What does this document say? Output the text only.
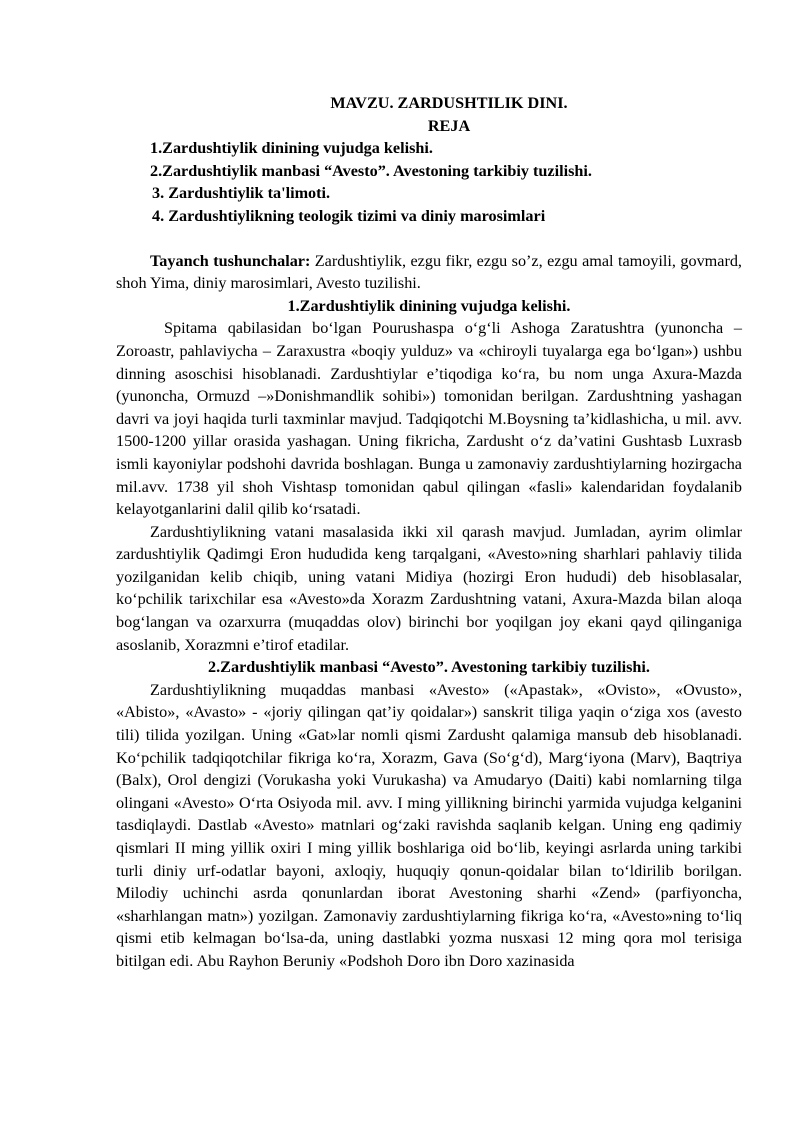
MAVZU. ZARDUSHTILIK DINI.

REJA

1.Zardushtiylik dinining vujudga kelishi.
2.Zardushtiylik manbasi “Avesto”. Avestoning tarkibiy tuzilishi.
3. Zardushtiylik ta'limoti.
4. Zardushtiylikning teologik tizimi va diniy marosimlari

Tayanch tushunchalar: Zardushtiylik, ezgu fikr, ezgu so’z, ezgu amal tamoyili, govmard, shoh Yima, diniy marosimlari, Avesto tuzilishi.

1.Zardushtiylik dinining vujudga kelishi.

Spitama qabilasidan bo‘lgan Pourushaspa o‘g‘li Ashoga Zaratushtra (yunoncha – Zoroastr, pahlaviycha – Zaraxustra «boqiy yulduz» va «chiroyli tuyalarga ega bo‘lgan») ushbu dinning asoschisi hisoblanadi. Zardushtiylar e’tiqodiga ko‘ra, bu nom unga Axura-Mazda (yunoncha, Ormuzd –»Donishmandlik sohibi») tomonidan berilgan. Zardushtning yashagan davri va joyi haqida turli taxminlar mavjud. Tadqiqotchi M.Boysning ta’kidlashicha, u mil. avv. 1500-1200 yillar orasida yashagan. Uning fikricha, Zardusht o‘z da’vatini Gushtasb Luxrasb ismli kayoniylar podshohi davrida boshlagan. Bunga u zamonaviy zardushtiylarning hozirgacha mil.avv. 1738 yil shoh Vishtasp tomonidan qabul qilingan «fasli» kalendaridan foydalanib kelayotganlarini dalil qilib ko‘rsatadi.

Zardushtiylikning vatani masalasida ikki xil qarash mavjud. Jumladan, ayrim olimlar zardushtiylik Qadimgi Eron hududida keng tarqalgani, «Avesto»ning sharhlari pahlaviy tilida yozilganidan kelib chiqib, uning vatani Midiya (hozirgi Eron hududi) deb hisoblasalar, ko‘pchilik tarixchilar esa «Avesto»da Xorazm Zardushtning vatani, Axura-Mazda bilan aloqa bog‘langan va ozarxurra (muqaddas olov) birinchi bor yoqilgan joy ekani qayd qilinganiga asoslanib, Xorazmni e’tirof etadilar.

2.Zardushtiylik manbasi “Avesto”. Avestoning tarkibiy tuzilishi.

Zardushtiylikning muqaddas manbasi «Avesto» («Apastak», «Ovisto», «Ovusto», «Abisto», «Avasto» - «joriy qilingan qat’iy qoidalar») sanskrit tiliga yaqin o‘ziga xos (avesto tili) tilida yozilgan. Uning «Gat»lar nomli qismi Zardusht qalamiga mansub deb hisoblanadi. Ko‘pchilik tadqiqotchilar fikriga ko‘ra, Xorazm, Gava (So‘g‘d), Marg‘iyona (Marv), Baqtriya (Balx), Orol dengizi (Vorukasha yoki Vurukasha) va Amudaryo (Daiti) kabi nomlarning tilga olingani «Avesto» O‘rta Osiyoda mil. avv. I ming yillikning birinchi yarmida vujudga kelganini tasdiqlaydi. Dastlab «Avesto» matnlari og‘zaki ravishda saqlanib kelgan. Uning eng qadimiy qismlari II ming yillik oxiri I ming yillik boshlariga oid bo‘lib, keyingi asrlarda uning tarkibi turli diniy urf-odatlar bayoni, axloqiy, huquqiy qonun-qoidalar bilan to‘ldirilib borilgan. Milodiy uchinchi asrda qonunlardan iborat Avestoning sharhi «Zend» (parfiyoncha, «sharhlangan matn») yozilgan. Zamonaviy zardushtiylarning fikriga ko‘ra, «Avesto»ning to‘liq qismi etib kelmagan bo‘lsa-da, uning dastlabki yozma nusxasi 12 ming qora mol terisiga bitilgan edi. Abu Rayhon Beruniy «Podshoh Doro ibn Doro xazinasida
